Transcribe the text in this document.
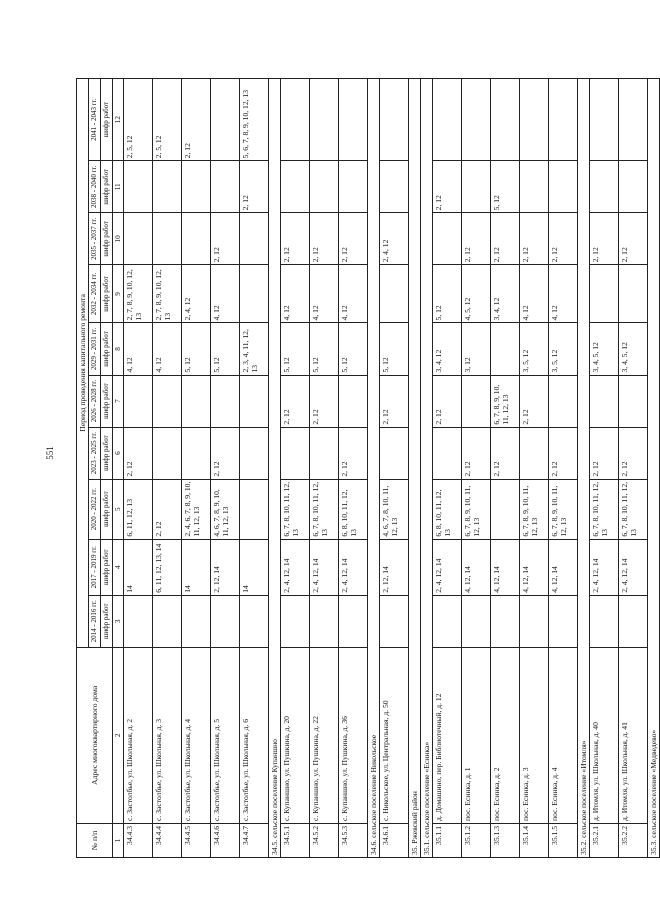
551
№ п/п	Адрес многоквартирного дома	Период проведения капитального ремонта									
		2014 - 2016 гг.	2017 - 2019 гг.	2020 - 2022 гг.	2023 - 2025 гг.	2026 - 2028 гг.	2029 - 2031 гг.	2032 - 2034 гг.	2035 - 2037 гг.	2038 - 2040 гг.	2041 - 2043 гг.
		шифр работ	шифр работ	шифр работ	шифр работ	шифр работ	шифр работ	шифр работ	шифр работ	шифр работ	шифр работ
1	2	3	4	5	6	7	8	9	10	11	12
34.4.3	с. Застолбье, ул. Школьная, д. 2		14	6, 11, 12, 13	2, 12		4, 12	2, 7, 8, 9, 10, 12, 13			2, 5, 12
34.4.4	с. Застолбье, ул. Школьная, д. 3		6, 11, 12, 13, 14	2, 12			4, 12	2, 7, 8, 9, 10, 12, 13			2, 5, 12
34.4.5	с. Застолбье, ул. Школьная, д. 4		14	2, 4, 6, 7, 8, 9, 10, 11, 12, 13			5, 12	2, 4, 12			2, 12
34.4.6	с. Застолбье, ул. Школьная, д. 5		2, 12, 14	4, 6, 7, 8, 9, 10, 11, 12, 13	2, 12		5, 12	4, 12	2, 12		
34.4.7	с. Застолбье, ул. Школьная, д. 6		14				2, 3, 4, 11, 12, 13			2, 12	5, 6, 7, 8, 9, 10, 12, 13
34.5. сельское поселение Купаншно											
34.5.1	с. Купаншно, ул. Пушкина, д. 20		2, 4, 12, 14	6, 7, 8, 10, 11, 12, 13		2, 12	5, 12	4, 12	2, 12		
34.5.2	с. Купаншно, ул. Пушкина, д. 22		2, 4, 12, 14	6, 7, 8, 10, 11, 12, 13		2, 12	5, 12	4, 12	2, 12		
34.5.3	с. Купаншно, ул. Пушкина, д. 36		2, 4, 12, 14	6, 8, 10, 11, 12, 13	2, 12		5, 12	4, 12	2, 12		
34.6. сельское поселение Никольское											
34.6.1	с. Никольское, ул. Центральная, д. 50		2, 12, 14	4, 6, 7, 8, 10, 11, 12, 13		2, 12	5, 12		2, 4, 12		
35. Ржевский район											
35.1. сельское поселение «Есинка»											
35.1.1	д. Домашино, пер. Библиотечный, д. 12		2, 4, 12, 14	6, 8, 10, 11, 12, 13		2, 12	3, 4, 12	5, 12		2, 12	
35.1.2	пос. Есинка, д. 1		4, 12, 14	6, 7, 8, 9, 10, 11, 12, 13	2, 12		3, 12	4, 5, 12	2, 12		
35.1.3	пос. Есинка, д. 2		4, 12, 14		2, 12	6, 7, 8, 9, 10, 11, 12, 13		3, 4, 12	2, 12	5, 12	
35.1.4	пос. Есинка, д. 3		4, 12, 14	6, 7, 8, 9, 10, 11, 12, 13		2, 12	3, 5, 12	4, 12	2, 12		
35.1.5	пос. Есинка, д. 4		4, 12, 14	6, 7, 8, 9, 10, 11, 12, 13	2, 12		3, 5, 12	4, 12	2, 12		
35.2. сельское поселение «Итомля»											
35.2.1	д. Итомля, ул. Школьная, д. 40		2, 4, 12, 14	6, 7, 8, 10, 11, 12, 13	2, 12		3, 4, 5, 12		2, 12		
35.2.2	д. Итомля, ул. Школьная, д. 41		2, 4, 12, 14	6, 7, 8, 10, 11, 12, 13	2, 12		3, 4, 5, 12		2, 12		
35.3. сельское поселение «Медведево»											
